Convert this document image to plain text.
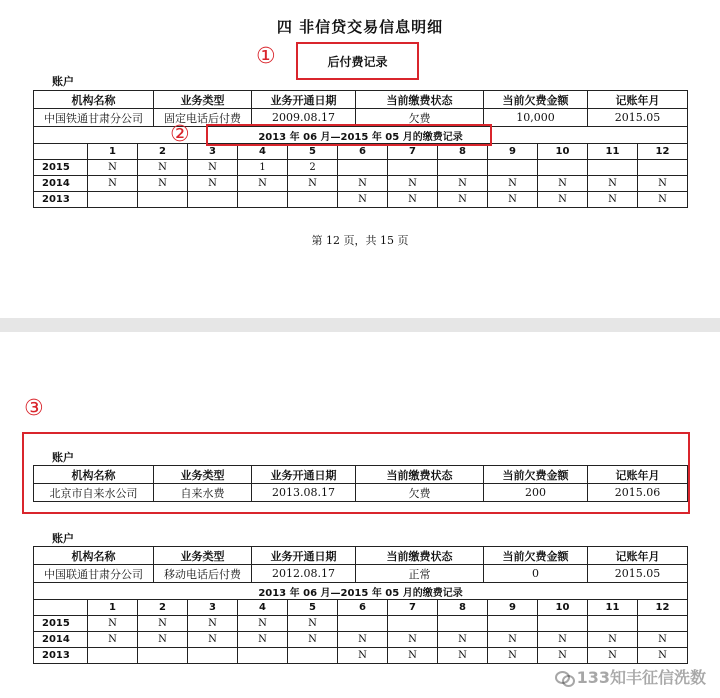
四 非信贷交易信息明细
①	后付费记录
账户
机构名称	业务类型	业务开通日期	当前缴费状态	当前欠费金额	记账年月
中国铁通甘肃分公司	固定电话后付费	2009.08.17	欠费	10,000	2015.05
2013 年 06 月—2015 年 05 月的缴费记录												
	1	2	3	4	5	6	7	8	9	10	11	12
2015	N	N	N	1	2							
2014	N	N	N	N	N	N	N	N	N	N	N	N
2013						N	N	N	N	N	N	N
②
第 12 页，共 15 页
③
账户
机构名称	业务类型	业务开通日期	当前缴费状态	当前欠费金额	记账年月
北京市自来水公司	自来水费	2013.08.17	欠费	200	2015.06
账户
机构名称	业务类型	业务开通日期	当前缴费状态	当前欠费金额	记账年月
中国联通甘肃分公司	移动电话后付费	2012.08.17	正常	0	2015.05
2013 年 06 月—2015 年 05 月的缴费记录												
	1	2	3	4	5	6	7	8	9	10	11	12
2015	N	N	N	N	N							
2014	N	N	N	N	N	N	N	N	N	N	N	N
2013						N	N	N	N	N	N	N
133知丰征信洗数
